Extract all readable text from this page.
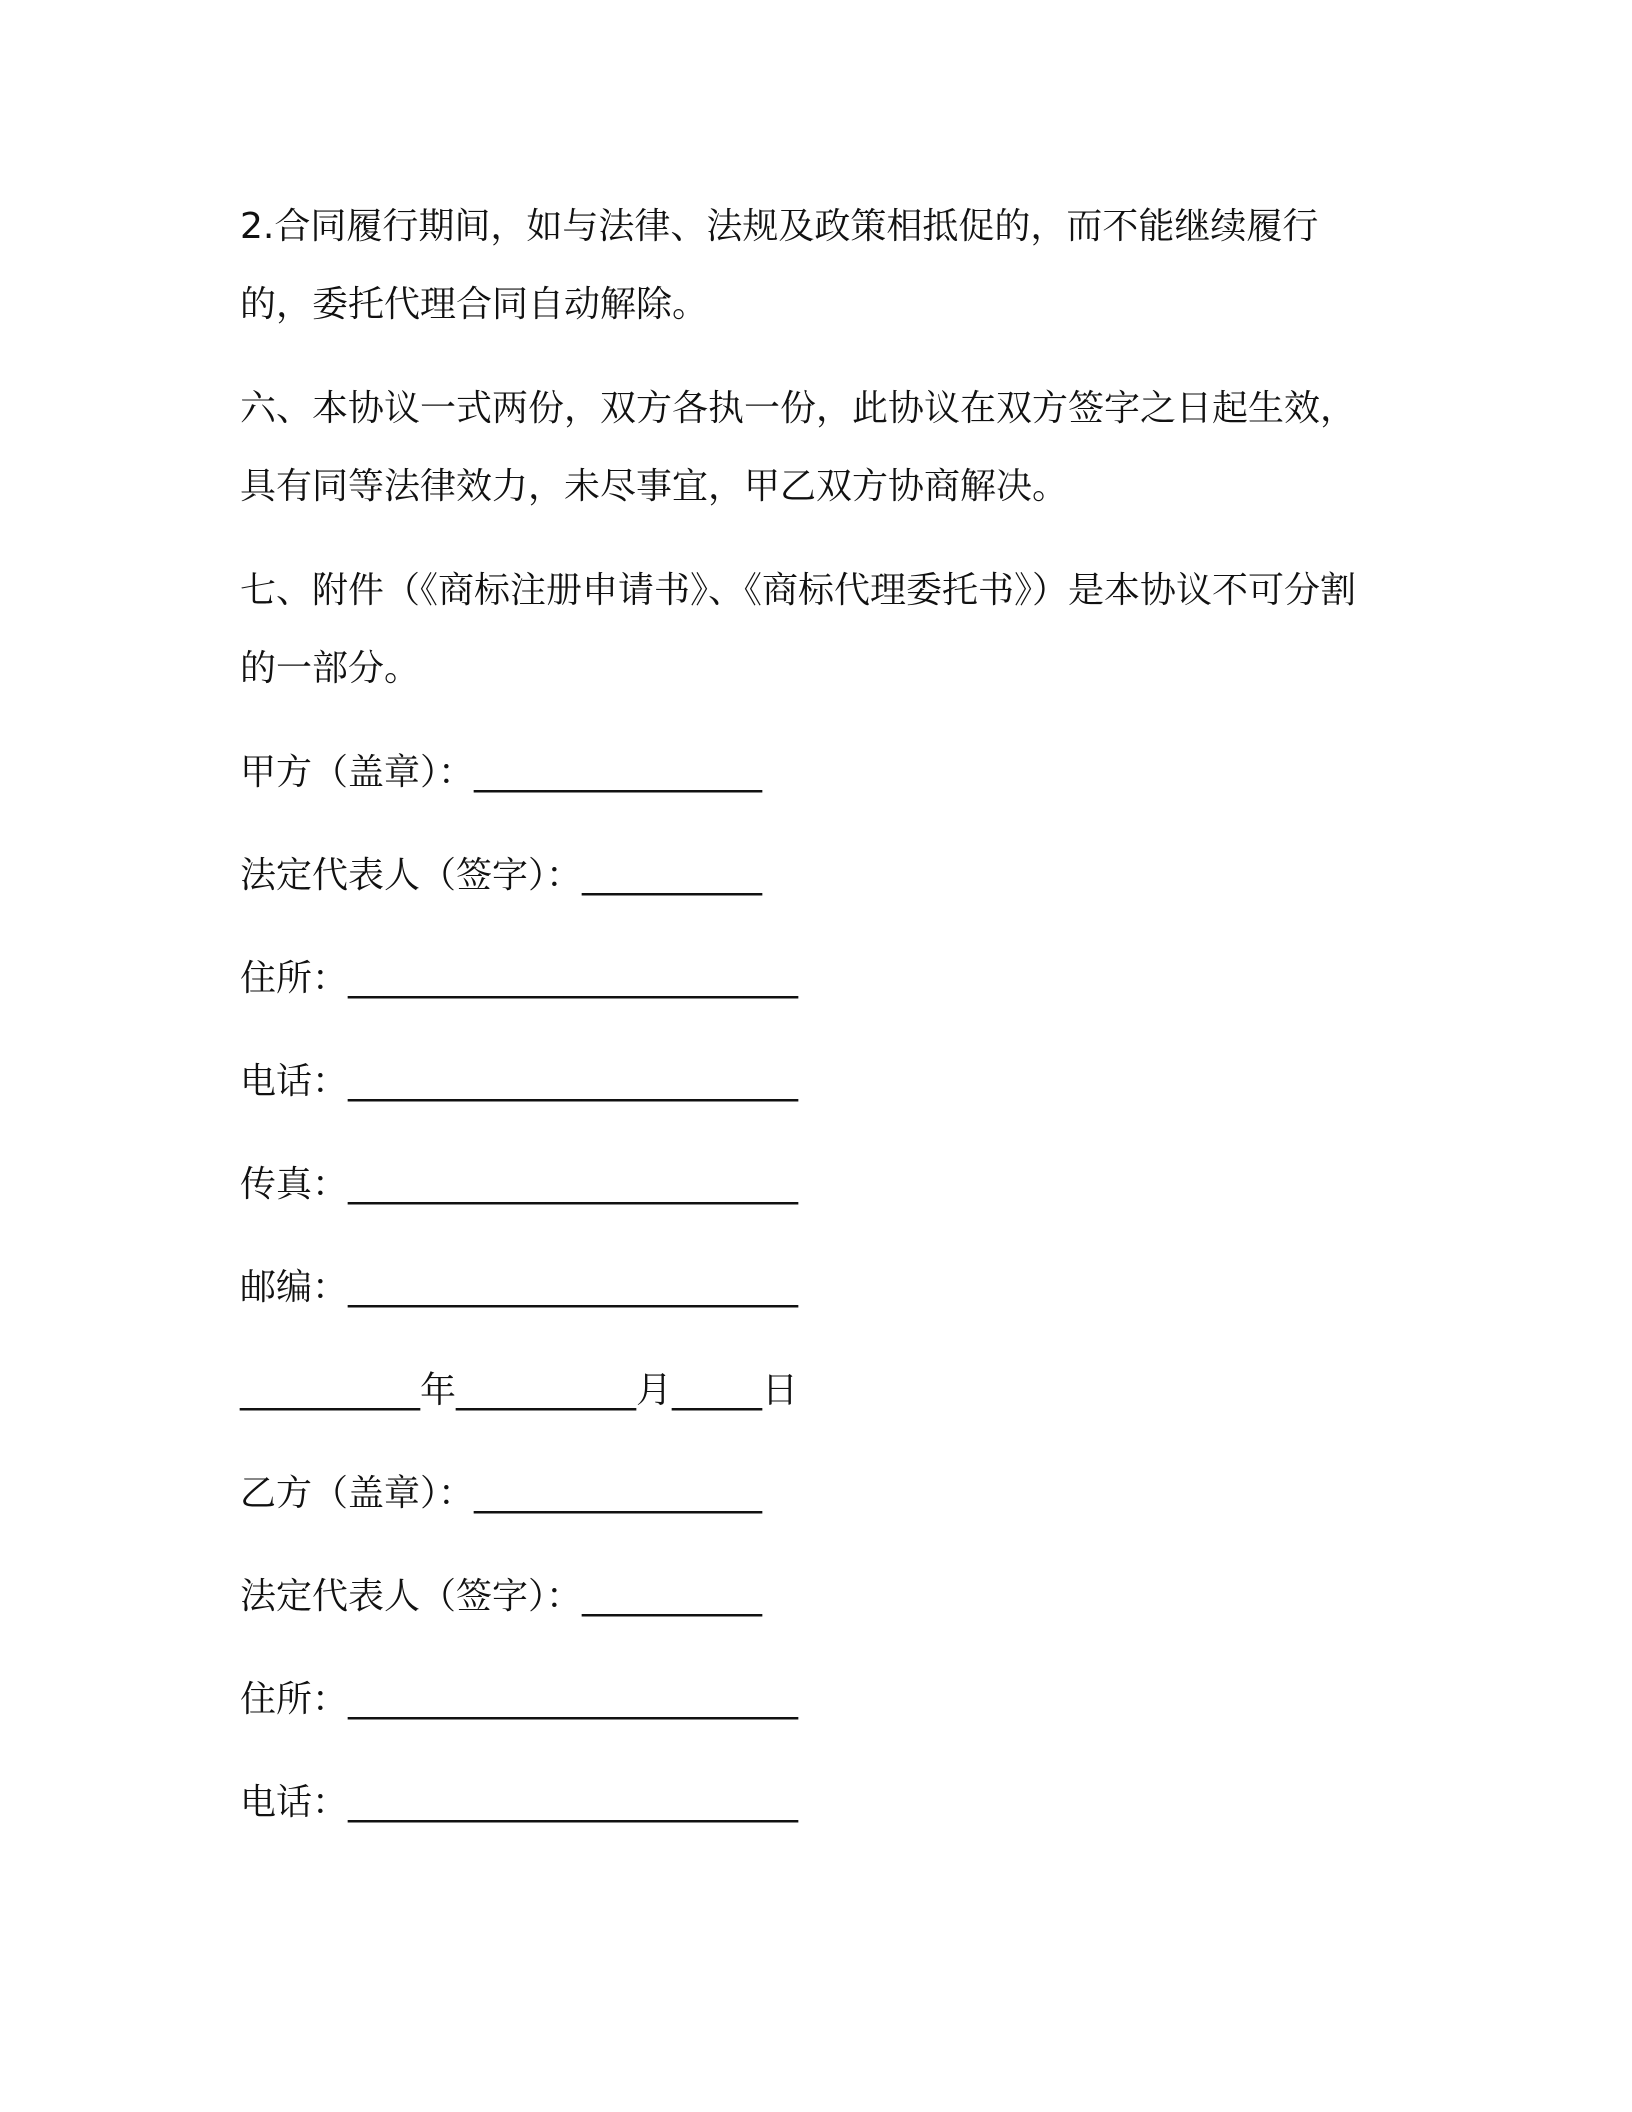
2.合同履行期间，如与法律、法规及政策相抵促的，而不能继续履行的，委托代理合同自动解除。

六、本协议一式两份，双方各执一份，此协议在双方签字之日起生效，具有同等法律效力，未尽事宜，甲乙双方协商解决。

七、附件（《商标注册申请书》、《商标代理委托书》）是本协议不可分割的一部分。

甲方（盖章）：________________
法定代表人（签字）：__________
住所：_________________________
电话：_________________________
传真：_________________________
邮编：_________________________
__________年__________月_____日
乙方（盖章）：________________
法定代表人（签字）：__________
住所：_________________________
电话：_________________________
